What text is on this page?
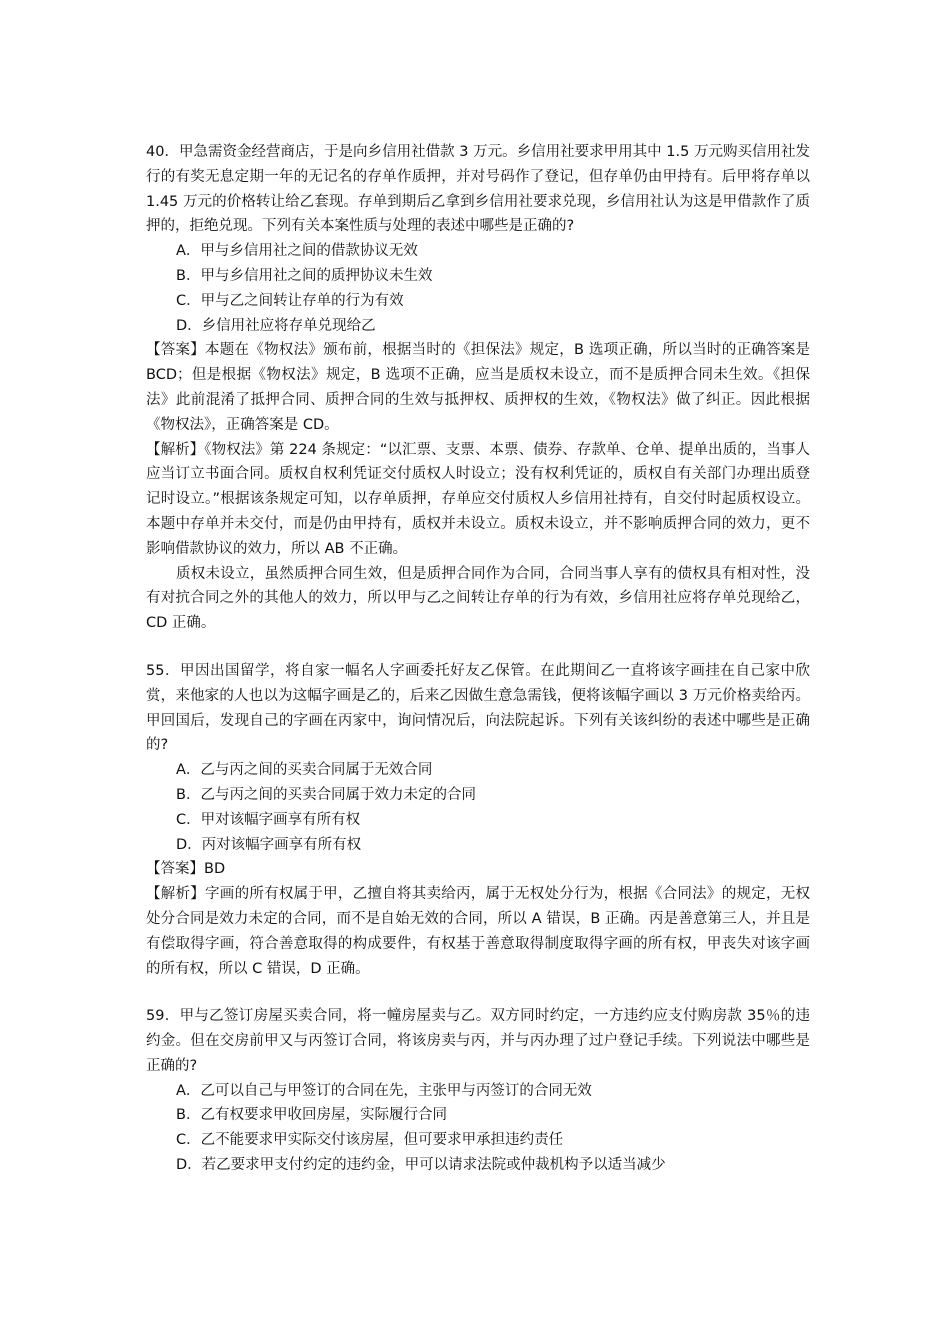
40．甲急需资金经营商店，于是向乡信用社借款 3 万元。乡信用社要求甲用其中 1.5 万元购买信用社发行的有奖无息定期一年的无记名的存单作质押，并对号码作了登记，但存单仍由甲持有。后甲将存单以 1.45 万元的价格转让给乙套现。存单到期后乙拿到乡信用社要求兑现，乡信用社认为这是甲借款作了质押的，拒绝兑现。下列有关本案性质与处理的表述中哪些是正确的?

A．甲与乡信用社之间的借款协议无效

B．甲与乡信用社之间的质押协议未生效

C．甲与乙之间转让存单的行为有效

D．乡信用社应将存单兑现给乙

【答案】本题在《物权法》颁布前，根据当时的《担保法》规定，B 选项正确，所以当时的正确答案是 BCD；但是根据《物权法》规定，B 选项不正确，应当是质权未设立，而不是质押合同未生效。《担保法》此前混淆了抵押合同、质押合同的生效与抵押权、质押权的生效，《物权法》做了纠正。因此根据《物权法》，正确答案是 CD。

【解析】《物权法》第 224 条规定：“以汇票、支票、本票、债券、存款单、仓单、提单出质的，当事人应当订立书面合同。质权自权利凭证交付质权人时设立；没有权利凭证的，质权自有关部门办理出质登记时设立。”根据该条规定可知，以存单质押，存单应交付质权人乡信用社持有，自交付时起质权设立。本题中存单并未交付，而是仍由甲持有，质权并未设立。质权未设立，并不影响质押合同的效力，更不影响借款协议的效力，所以 AB 不正确。

质权未设立，虽然质押合同生效，但是质押合同作为合同，合同当事人享有的债权具有相对性，没有对抗合同之外的其他人的效力，所以甲与乙之间转让存单的行为有效，乡信用社应将存单兑现给乙，CD 正确。

55．甲因出国留学，将自家一幅名人字画委托好友乙保管。在此期间乙一直将该字画挂在自己家中欣赏，来他家的人也以为这幅字画是乙的，后来乙因做生意急需钱，便将该幅字画以 3 万元价格卖给丙。甲回国后，发现自己的字画在丙家中，询问情况后，向法院起诉。下列有关该纠纷的表述中哪些是正确的?

A．乙与丙之间的买卖合同属于无效合同

B．乙与丙之间的买卖合同属于效力未定的合同

C．甲对该幅字画享有所有权

D．丙对该幅字画享有所有权

【答案】BD

【解析】字画的所有权属于甲，乙擅自将其卖给丙，属于无权处分行为，根据《合同法》的规定，无权处分合同是效力未定的合同，而不是自始无效的合同，所以 A 错误，B 正确。丙是善意第三人，并且是有偿取得字画，符合善意取得的构成要件，有权基于善意取得制度取得字画的所有权，甲丧失对该字画的所有权，所以 C 错误，D 正确。

59．甲与乙签订房屋买卖合同，将一幢房屋卖与乙。双方同时约定，一方违约应支付购房款 35％的违约金。但在交房前甲又与丙签订合同，将该房卖与丙，并与丙办理了过户登记手续。下列说法中哪些是正确的?

A．乙可以自己与甲签订的合同在先，主张甲与丙签订的合同无效

B．乙有权要求甲收回房屋，实际履行合同

C．乙不能要求甲实际交付该房屋，但可要求甲承担违约责任

D．若乙要求甲支付约定的违约金，甲可以请求法院或仲裁机构予以适当减少
